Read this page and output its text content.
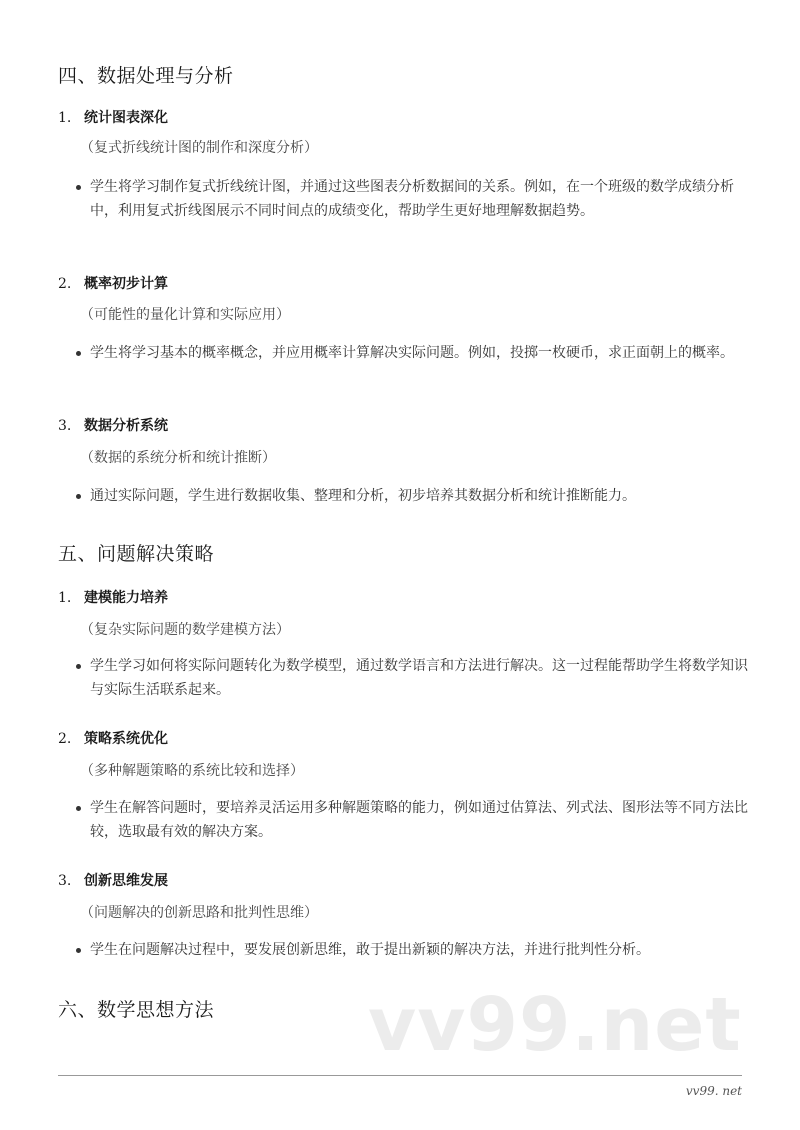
四、数据处理与分析
1. 统计图表深化
（复式折线统计图的制作和深度分析）
学生将学习制作复式折线统计图，并通过这些图表分析数据间的关系。例如，在一个班级的数学成绩分析中，利用复式折线图展示不同时间点的成绩变化，帮助学生更好地理解数据趋势。
2. 概率初步计算
（可能性的量化计算和实际应用）
学生将学习基本的概率概念，并应用概率计算解决实际问题。例如，投掷一枚硬币，求正面朝上的概率。
3. 数据分析系统
（数据的系统分析和统计推断）
通过实际问题，学生进行数据收集、整理和分析，初步培养其数据分析和统计推断能力。
五、问题解决策略
1. 建模能力培养
（复杂实际问题的数学建模方法）
学生学习如何将实际问题转化为数学模型，通过数学语言和方法进行解决。这一过程能帮助学生将数学知识与实际生活联系起来。
2. 策略系统优化
（多种解题策略的系统比较和选择）
学生在解答问题时，要培养灵活运用多种解题策略的能力，例如通过估算法、列式法、图形法等不同方法比较，选取最有效的解决方案。
3. 创新思维发展
（问题解决的创新思路和批判性思维）
学生在问题解决过程中，要发展创新思维，敢于提出新颖的解决方法，并进行批判性分析。
vv99.net
六、数学思想方法
vv99. net
